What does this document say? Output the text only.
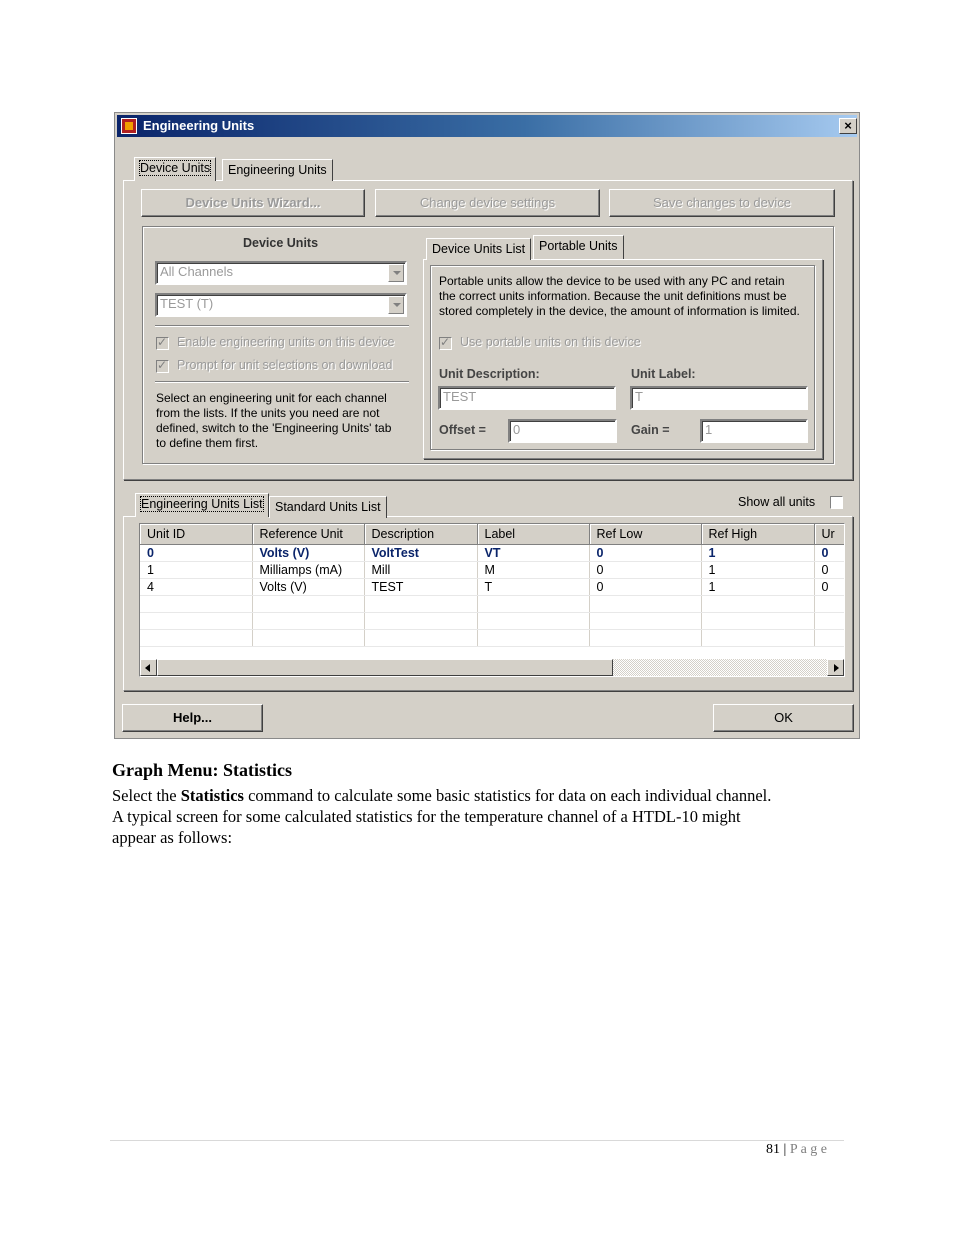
Engineering Units	×
Device Units	Engineering Units
Device Units Wizard...	Change device settings	Save changes to device
Device Units
All Channels
TEST (T)
✓
Enable engineering units on this device
✓
Prompt for unit selections on download
Select an engineering unit for each channel
from the lists. If the units you need are not
defined, switch to the 'Engineering Units' tab
to define them first.
Device Units List	Portable Units
Portable units allow the device to be used with any PC and retain
the correct units information. Because the unit definitions must be
stored completely in the device, the amount of information is limited.
✓
Use portable units on this device
Unit Description:	Unit Label:
TEST	T
Offset =	0	Gain =	1
Engineering Units List Standard Units List	Show all units
Unit ID	Reference Unit	Description	Label	Ref Low	Ref High	Ur
0	Volts (V)	VoltTest	VT	0	1	0
1	Milliamps (mA)	Mill	M	0	1	0
4	Volts (V)	TEST	T	0	1	0

Help...	OK
Graph Menu: Statistics
Select the Statistics command to calculate some basic statistics for data on each individual channel.
A typical screen for some calculated statistics for the temperature channel of a HTDL-10 might
appear as follows:
81 | P a g e
